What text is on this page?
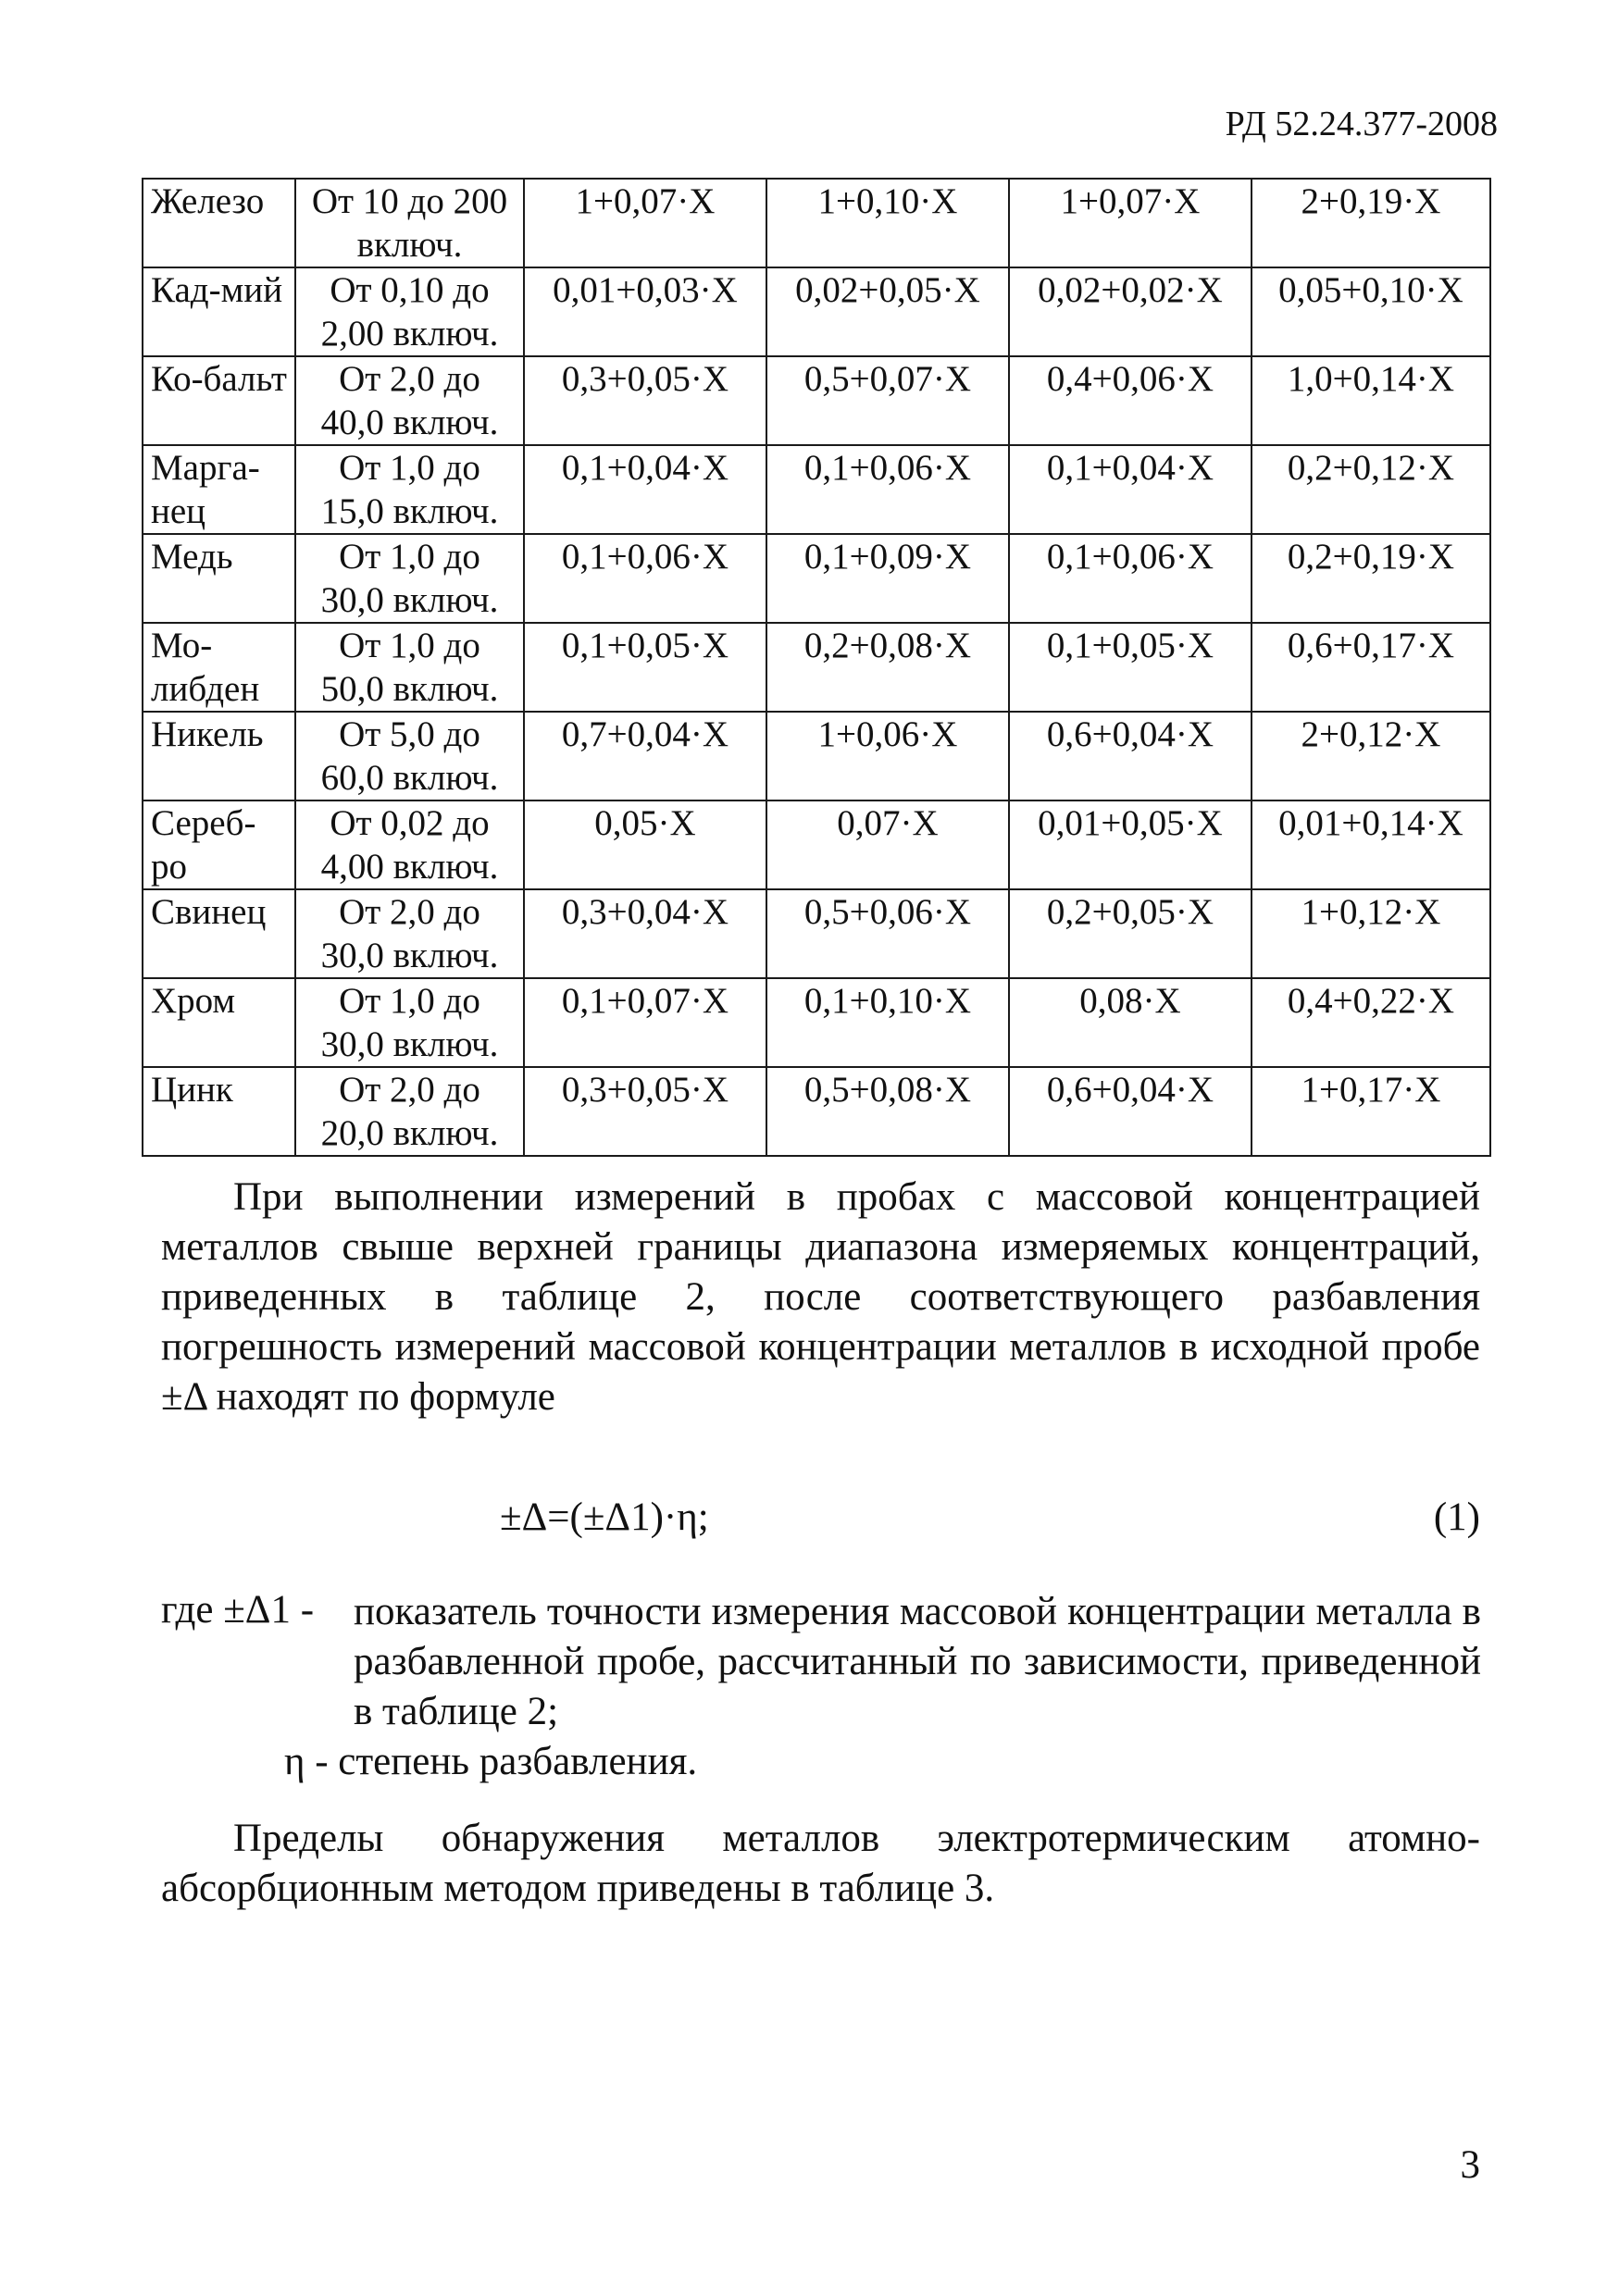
РД 52.24.377-2008
Железо	От 10 до 200 включ.	1+0,07·X	1+0,10·X	1+0,07·X	2+0,19·X
Кад-мий	От 0,10 до 2,00 включ.	0,01+0,03·X	0,02+0,05·X	0,02+0,02·X	0,05+0,10·X
Ко-бальт	От 2,0 до 40,0 включ.	0,3+0,05·X	0,5+0,07·X	0,4+0,06·X	1,0+0,14·X
Марга-нец	От 1,0 до 15,0 включ.	0,1+0,04·X	0,1+0,06·X	0,1+0,04·X	0,2+0,12·X
Медь	От 1,0 до 30,0 включ.	0,1+0,06·X	0,1+0,09·X	0,1+0,06·X	0,2+0,19·X
Мо-либден	От 1,0 до 50,0 включ.	0,1+0,05·X	0,2+0,08·X	0,1+0,05·X	0,6+0,17·X
Никель	От 5,0 до 60,0 включ.	0,7+0,04·X	1+0,06·X	0,6+0,04·X	2+0,12·X
Сереб-ро	От 0,02 до 4,00 включ.	0,05·X	0,07·X	0,01+0,05·X	0,01+0,14·X
Свинец	От 2,0 до 30,0 включ.	0,3+0,04·X	0,5+0,06·X	0,2+0,05·X	1+0,12·X
Хром	От 1,0 до 30,0 включ.	0,1+0,07·X	0,1+0,10·X	0,08·X	0,4+0,22·X
Цинк	От 2,0 до 20,0 включ.	0,3+0,05·X	0,5+0,08·X	0,6+0,04·X	1+0,17·X
При выполнении измерений в пробах с массовой концентрацией металлов свыше верхней границы диапазона измеряемых концентраций, приведенных в таблице 2, после соответствующего разбавления погрешность измерений массовой концентрации металлов в исходной пробе ±Δ находят по формуле
±Δ=(±Δ1)·η;	(1)
где ±Δ1 - показатель точности измерения массовой концентрации металла в разбавленной пробе, рассчитанный по зависимости, приведенной в таблице 2;
η - степень разбавления.
Пределы обнаружения металлов электротермическим атомно-абсорбционным методом приведены в таблице 3.
3
